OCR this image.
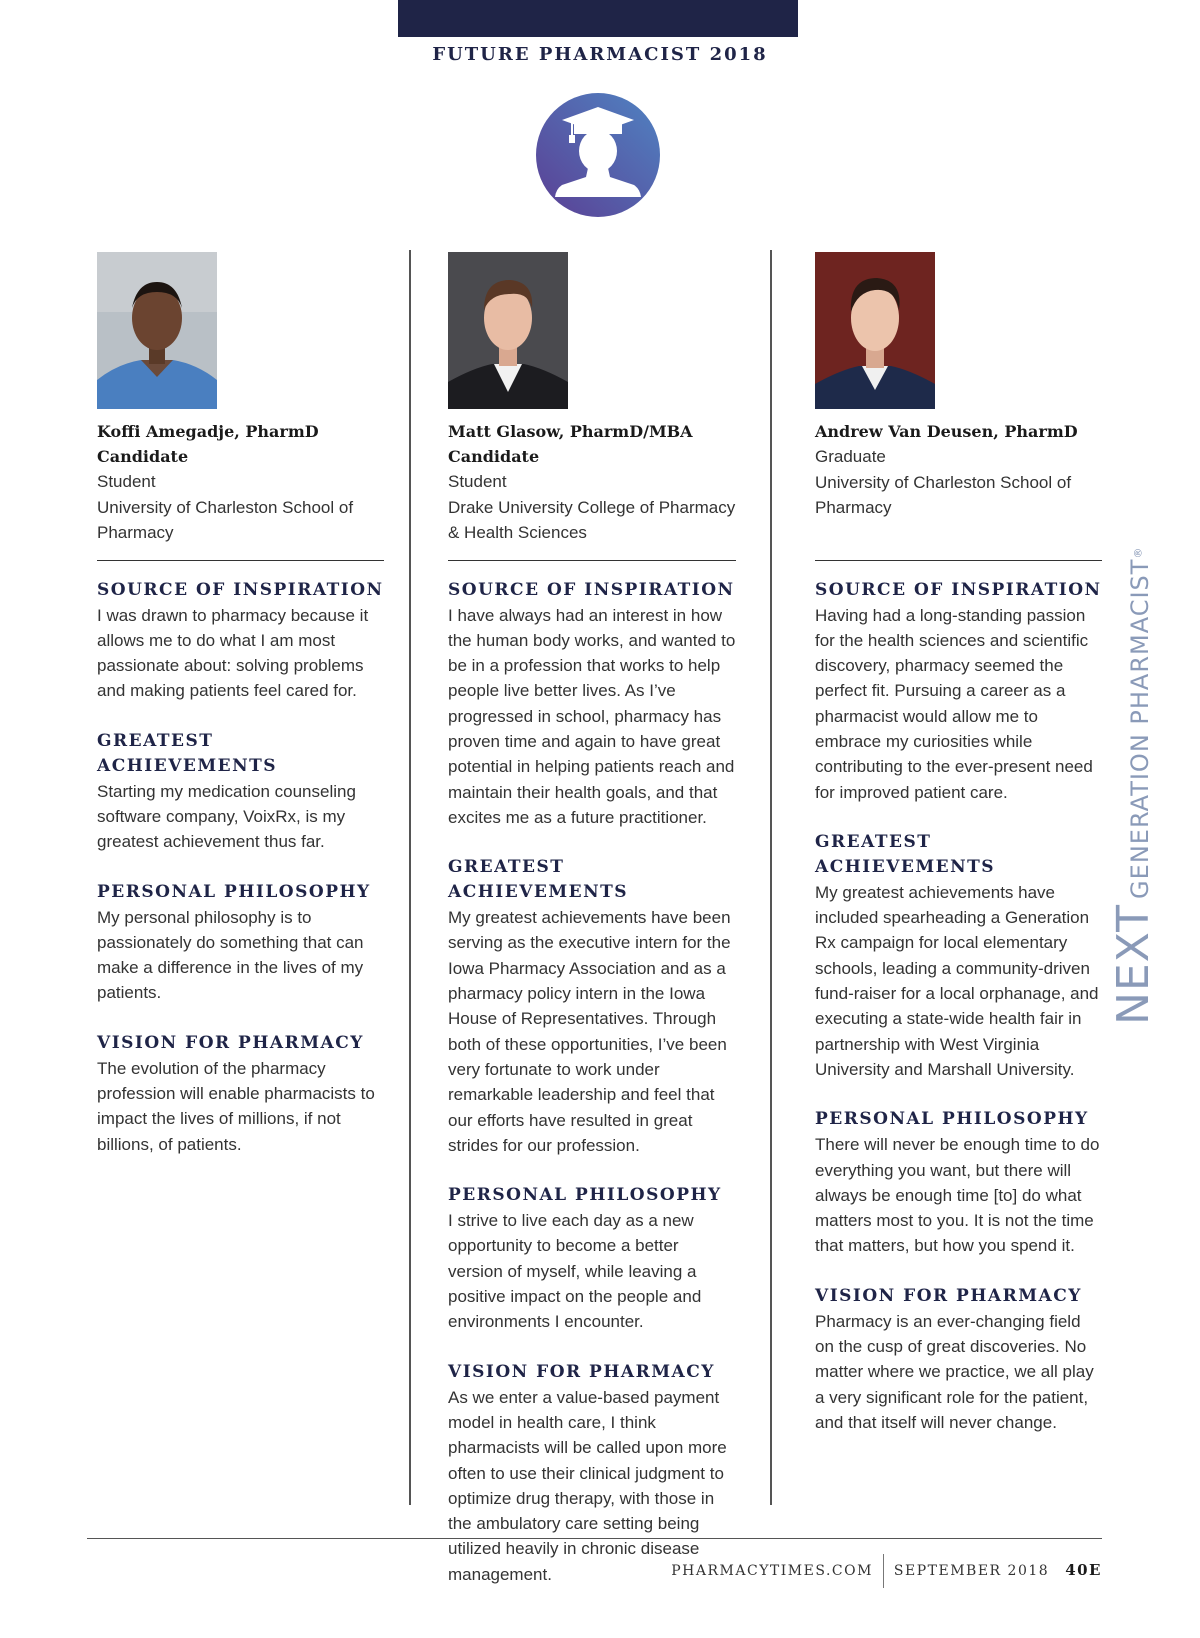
FUTURE PHARMACIST 2018
Koffi Amegadje, PharmD Candidate
Student
University of Charleston School of Pharmacy
SOURCE OF INSPIRATION

I was drawn to pharmacy because it allows me to do what I am most passionate about: solving problems and making patients feel cared for.

GREATEST ACHIEVEMENTS

Starting my medication counseling software company, VoixRx, is my greatest achievement thus far.

PERSONAL PHILOSOPHY

My personal philosophy is to passionately do something that can make a difference in the lives of my patients.

VISION FOR PHARMACY

The evolution of the pharmacy profession will enable pharmacists to impact the lives of millions, if not billions, of patients.

Matt Glasow, PharmD/MBA Candidate
Student
Drake University College of Pharmacy & Health Sciences
SOURCE OF INSPIRATION

I have always had an interest in how the human body works, and wanted to be in a profession that works to help people live better lives. As I’ve progressed in school, pharmacy has proven time and again to have great potential in helping patients reach and maintain their health goals, and that excites me as a future practitioner.

GREATEST ACHIEVEMENTS

My greatest achievements have been serving as the executive intern for the Iowa Pharmacy Association and as a pharmacy policy intern in the Iowa House of Representatives. Through both of these opportunities, I’ve been very fortunate to work under remarkable leadership and feel that our efforts have resulted in great strides for our profession.

PERSONAL PHILOSOPHY

I strive to live each day as a new opportunity to become a better version of myself, while leaving a positive impact on the people and environments I encounter.

VISION FOR PHARMACY

As we enter a value-based payment model in health care, I think pharmacists will be called upon more often to use their clinical judgment to optimize drug therapy, with those in the ambulatory care setting being utilized heavily in chronic disease management.

Andrew Van Deusen, PharmD
Graduate
University of Charleston School of Pharmacy
SOURCE OF INSPIRATION

Having had a long-standing passion for the health sciences and scientific discovery, pharmacy seemed the perfect fit. Pursuing a career as a pharmacist would allow me to embrace my curiosities while contributing to the ever-present need for improved patient care.

GREATEST ACHIEVEMENTS

My greatest achievements have included spearheading a Generation Rx campaign for local elementary schools, leading a community-driven fund-raiser for a local orphanage, and executing a state-wide health fair in partnership with West Virginia University and Marshall University.

PERSONAL PHILOSOPHY

There will never be enough time to do everything you want, but there will always be enough time [to] do what matters most to you. It is not the time that matters, but how you spend it.

VISION FOR PHARMACY

Pharmacy is an ever-changing field on the cusp of great discoveries. No matter where we practice, we all play a very significant role for the patient, and that itself will never change.

NEXT GENERATION PHARMACIST®
PHARMACYTIMES.COM SEPTEMBER 2018 40E
